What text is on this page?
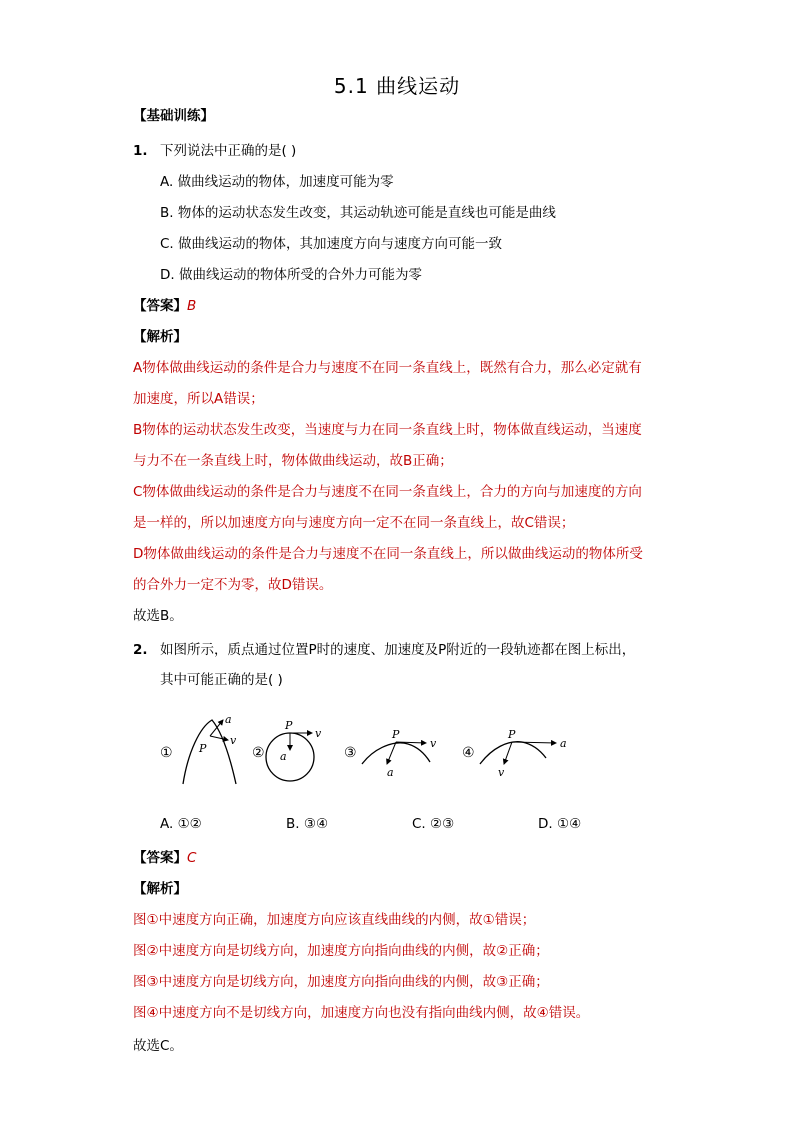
5.1 曲线运动
【基础训练】
1. 下列说法中正确的是( )
A. 做曲线运动的物体，加速度可能为零
B. 物体的运动状态发生改变，其运动轨迹可能是直线也可能是曲线
C. 做曲线运动的物体，其加速度方向与速度方向可能一致
D. 做曲线运动的物体所受的合外力可能为零
【答案】B
【解析】
A物体做曲线运动的条件是合力与速度不在同一条直线上，既然有合力，那么必定就有
加速度，所以A错误；
B物体的运动状态发生改变，当速度与力在同一条直线上时，物体做直线运动，当速度
与力不在一条直线上时，物体做曲线运动，故B正确；
C物体做曲线运动的条件是合力与速度不在同一条直线上，合力的方向与加速度的方向
是一样的，所以加速度方向与速度方向一定不在同一条直线上，故C错误；
D物体做曲线运动的条件是合力与速度不在同一条直线上，所以做曲线运动的物体所受
的合外力一定不为零，故D错误。
故选B。
2. 如图所示，质点通过位置P时的速度、加速度及P附近的一段轨迹都在图上标出，
其中可能正确的是( )
① P
a
v
②
P
v
a	③
P
v
a
④
P
a
v
A. ①②	B. ③④	C. ②③	D. ①④
【答案】C
【解析】
图①中速度方向正确，加速度方向应该直线曲线的内侧，故①错误；
图②中速度方向是切线方向，加速度方向指向曲线的内侧，故②正确；
图③中速度方向是切线方向，加速度方向指向曲线的内侧，故③正确；
图④中速度方向不是切线方向，加速度方向也没有指向曲线内侧，故④错误。
故选C。
